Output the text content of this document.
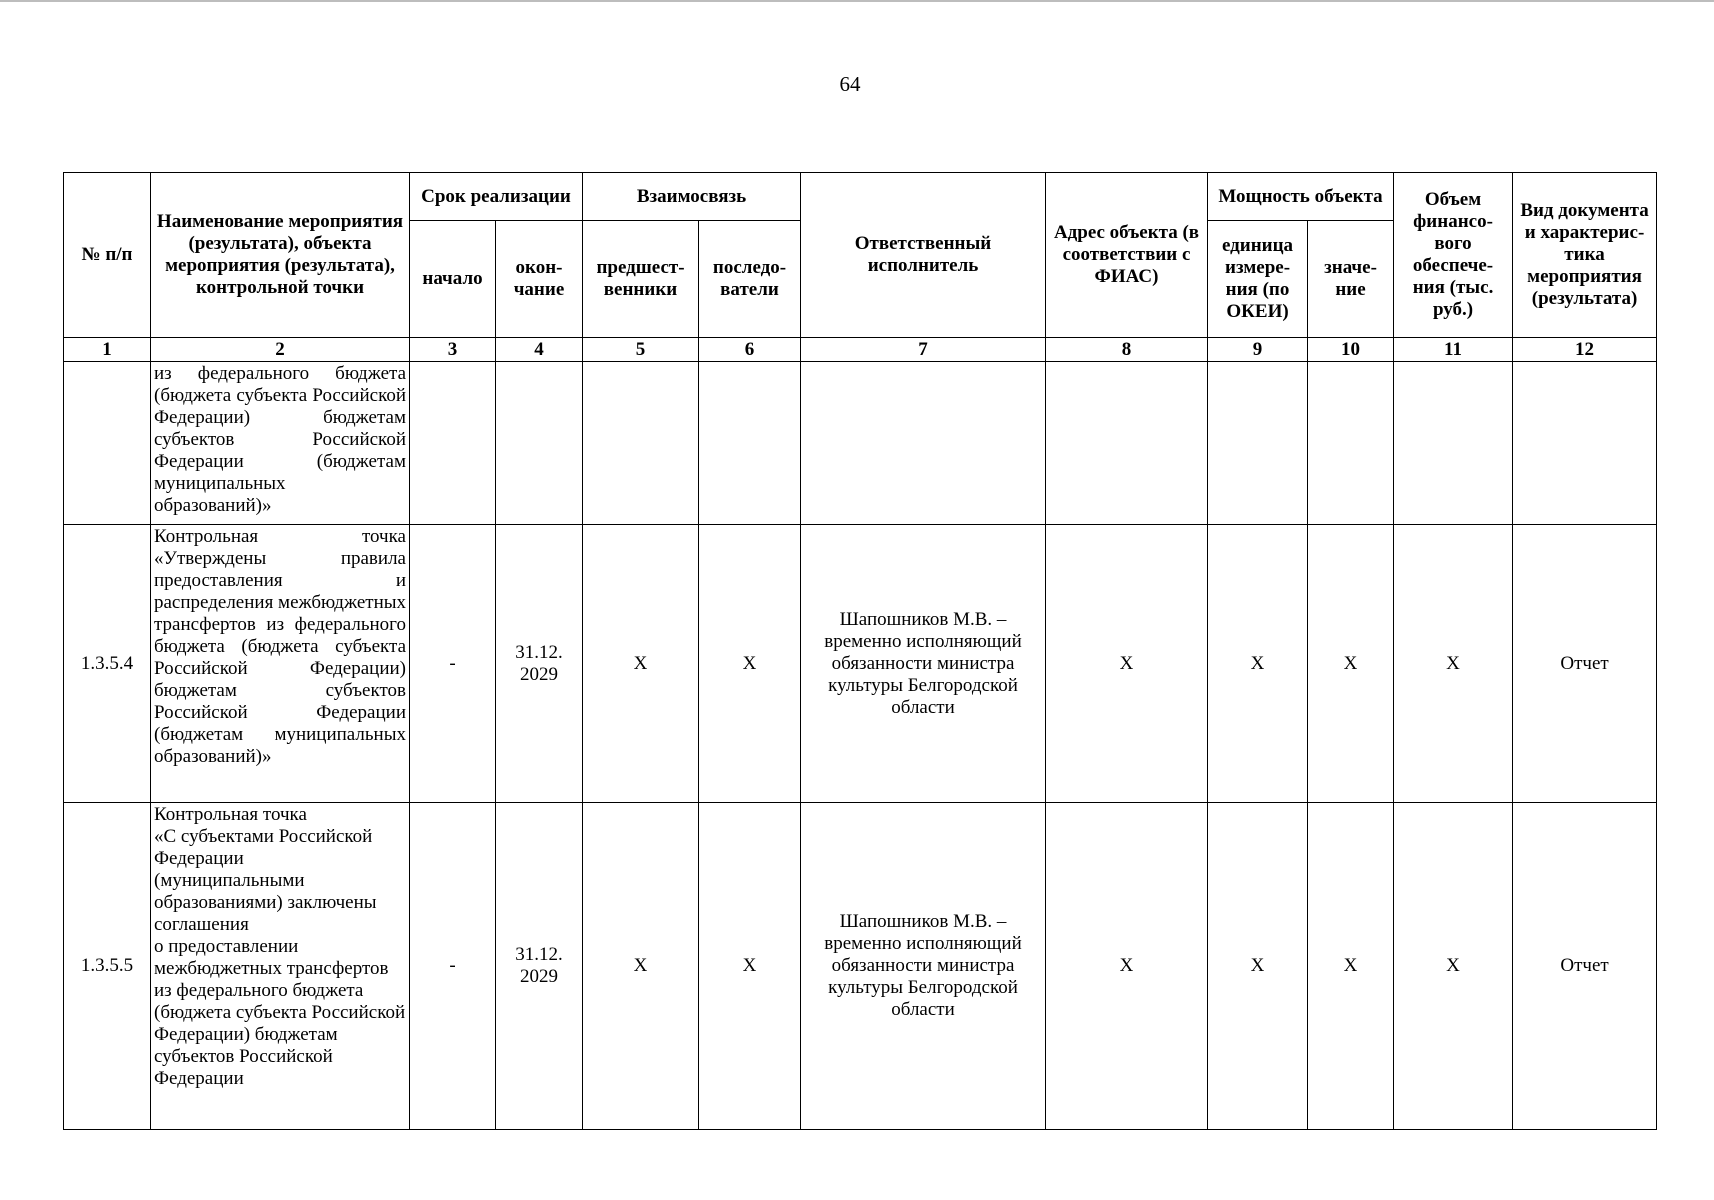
64
№ п/п	Наименование мероприятия (результата), объекта мероприятия (результата), контрольной точки	Срок реализации		Взаимосвязь		Ответственный исполнитель	Адрес объекта (в соответствии с ФИАС)	Мощность объекта		Объем финансо-вого обеспече-ния (тыс. руб.)	Вид документа и характерис-тика мероприятия (результата)
		начало	окон-чание	предшест-венники	последо-ватели			единица измере-ния (по ОКЕИ)	значе-ние		
1	2	3	4	5	6	7	8	9	10	11	12
	из федерального бюджета (бюджета субъекта Российской Федерации) бюджетам субъектов Российской Федерации (бюджетам муниципальных образований)»										
1.3.5.4	Контрольная точка «Утверждены правила предоставления и распределения межбюджетных трансфертов из федерального бюджета (бюджета субъекта Российской Федерации) бюджетам субъектов Российской Федерации (бюджетам муниципальных образований)»	-	31.12. 2029	X	X	Шапошников М.В. – временно исполняющий обязанности министра культуры Белгородской области	X	X	X	X	Отчет
1.3.5.5	Контрольная точка
«С субъектами Российской Федерации
(муниципальными образованиями) заключены соглашения
о предоставлении межбюджетных трансфертов
из федерального бюджета (бюджета субъекта Российской Федерации) бюджетам субъектов Российской Федерации	-	31.12. 2029	X	X	Шапошников М.В. – временно исполняющий обязанности министра культуры Белгородской области	X	X	X	X	Отчет
